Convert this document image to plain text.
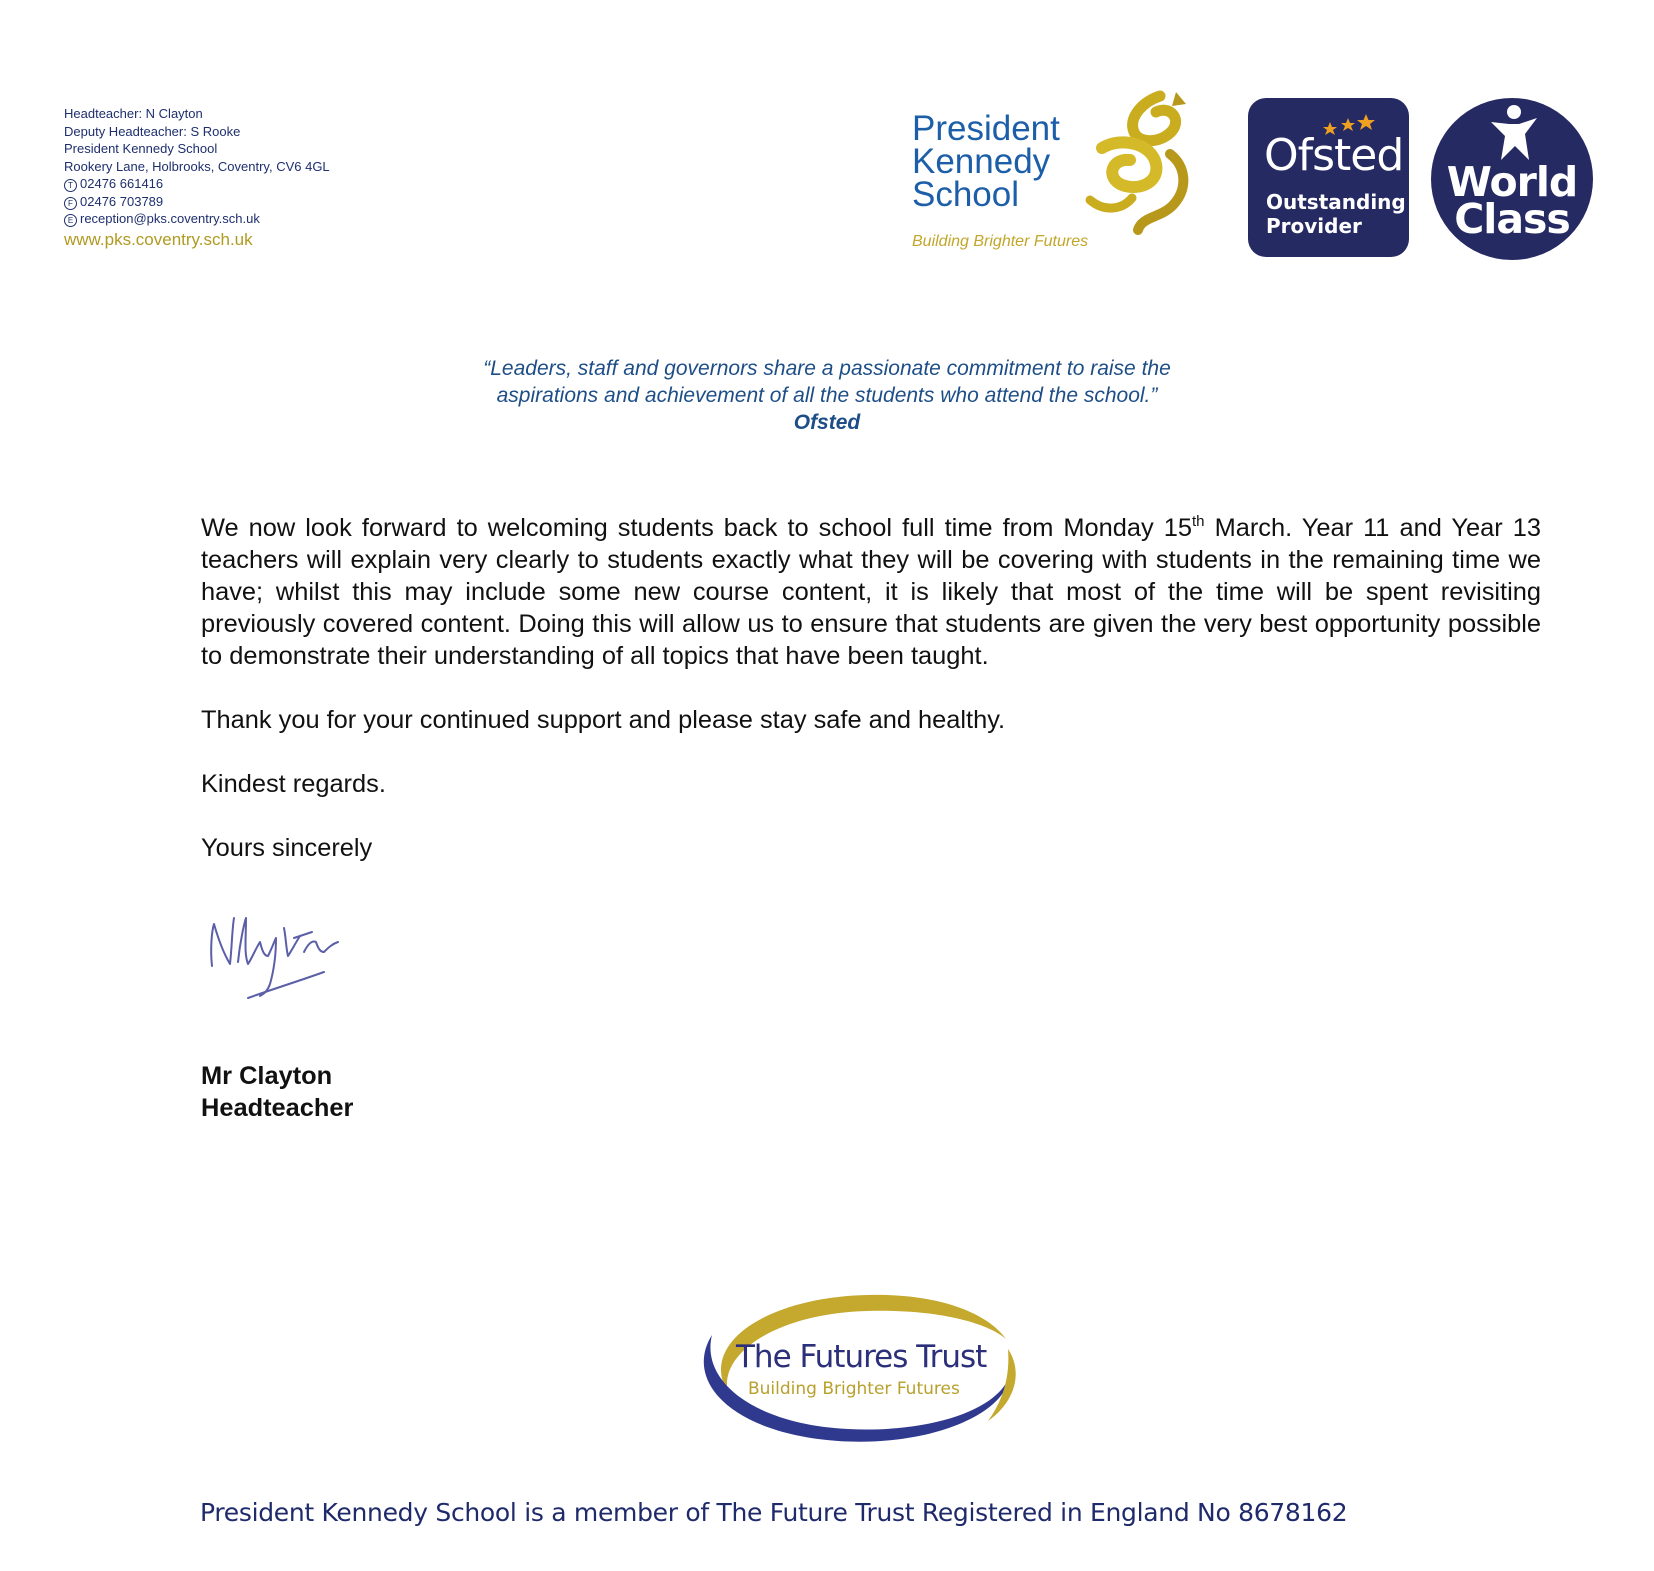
Headteacher: N Clayton
Deputy Headteacher: S Rooke
President Kennedy School
Rookery Lane, Holbrooks, Coventry, CV6 4GL
T 02476 661416
F 02476 703789
E reception@pks.coventry.sch.uk
www.pks.coventry.sch.uk
President
Kennedy
School
Building Brighter Futures
Ofsted
Outstanding
Provider
World
Class
“Leaders, staff and governors share a passionate commitment to raise the
aspirations and achievement of all the students who attend the school.”
Ofsted

We now look forward to welcoming students back to school full time from Monday 15th March. Year 11 and Year 13 teachers will explain very clearly to students exactly what they will be covering with students in the remaining time we have; whilst this may include some new course content, it is likely that most of the time will be spent revisiting previously covered content. Doing this will allow us to ensure that students are given the very best opportunity possible to demonstrate their understanding of all topics that have been taught.

Thank you for your continued support and please stay safe and healthy.

Kindest regards.

Yours sincerely

Mr Clayton
Headteacher
The Futures Trust
Building Brighter Futures
President Kennedy School is a member of The Future Trust Registered in England No 8678162
